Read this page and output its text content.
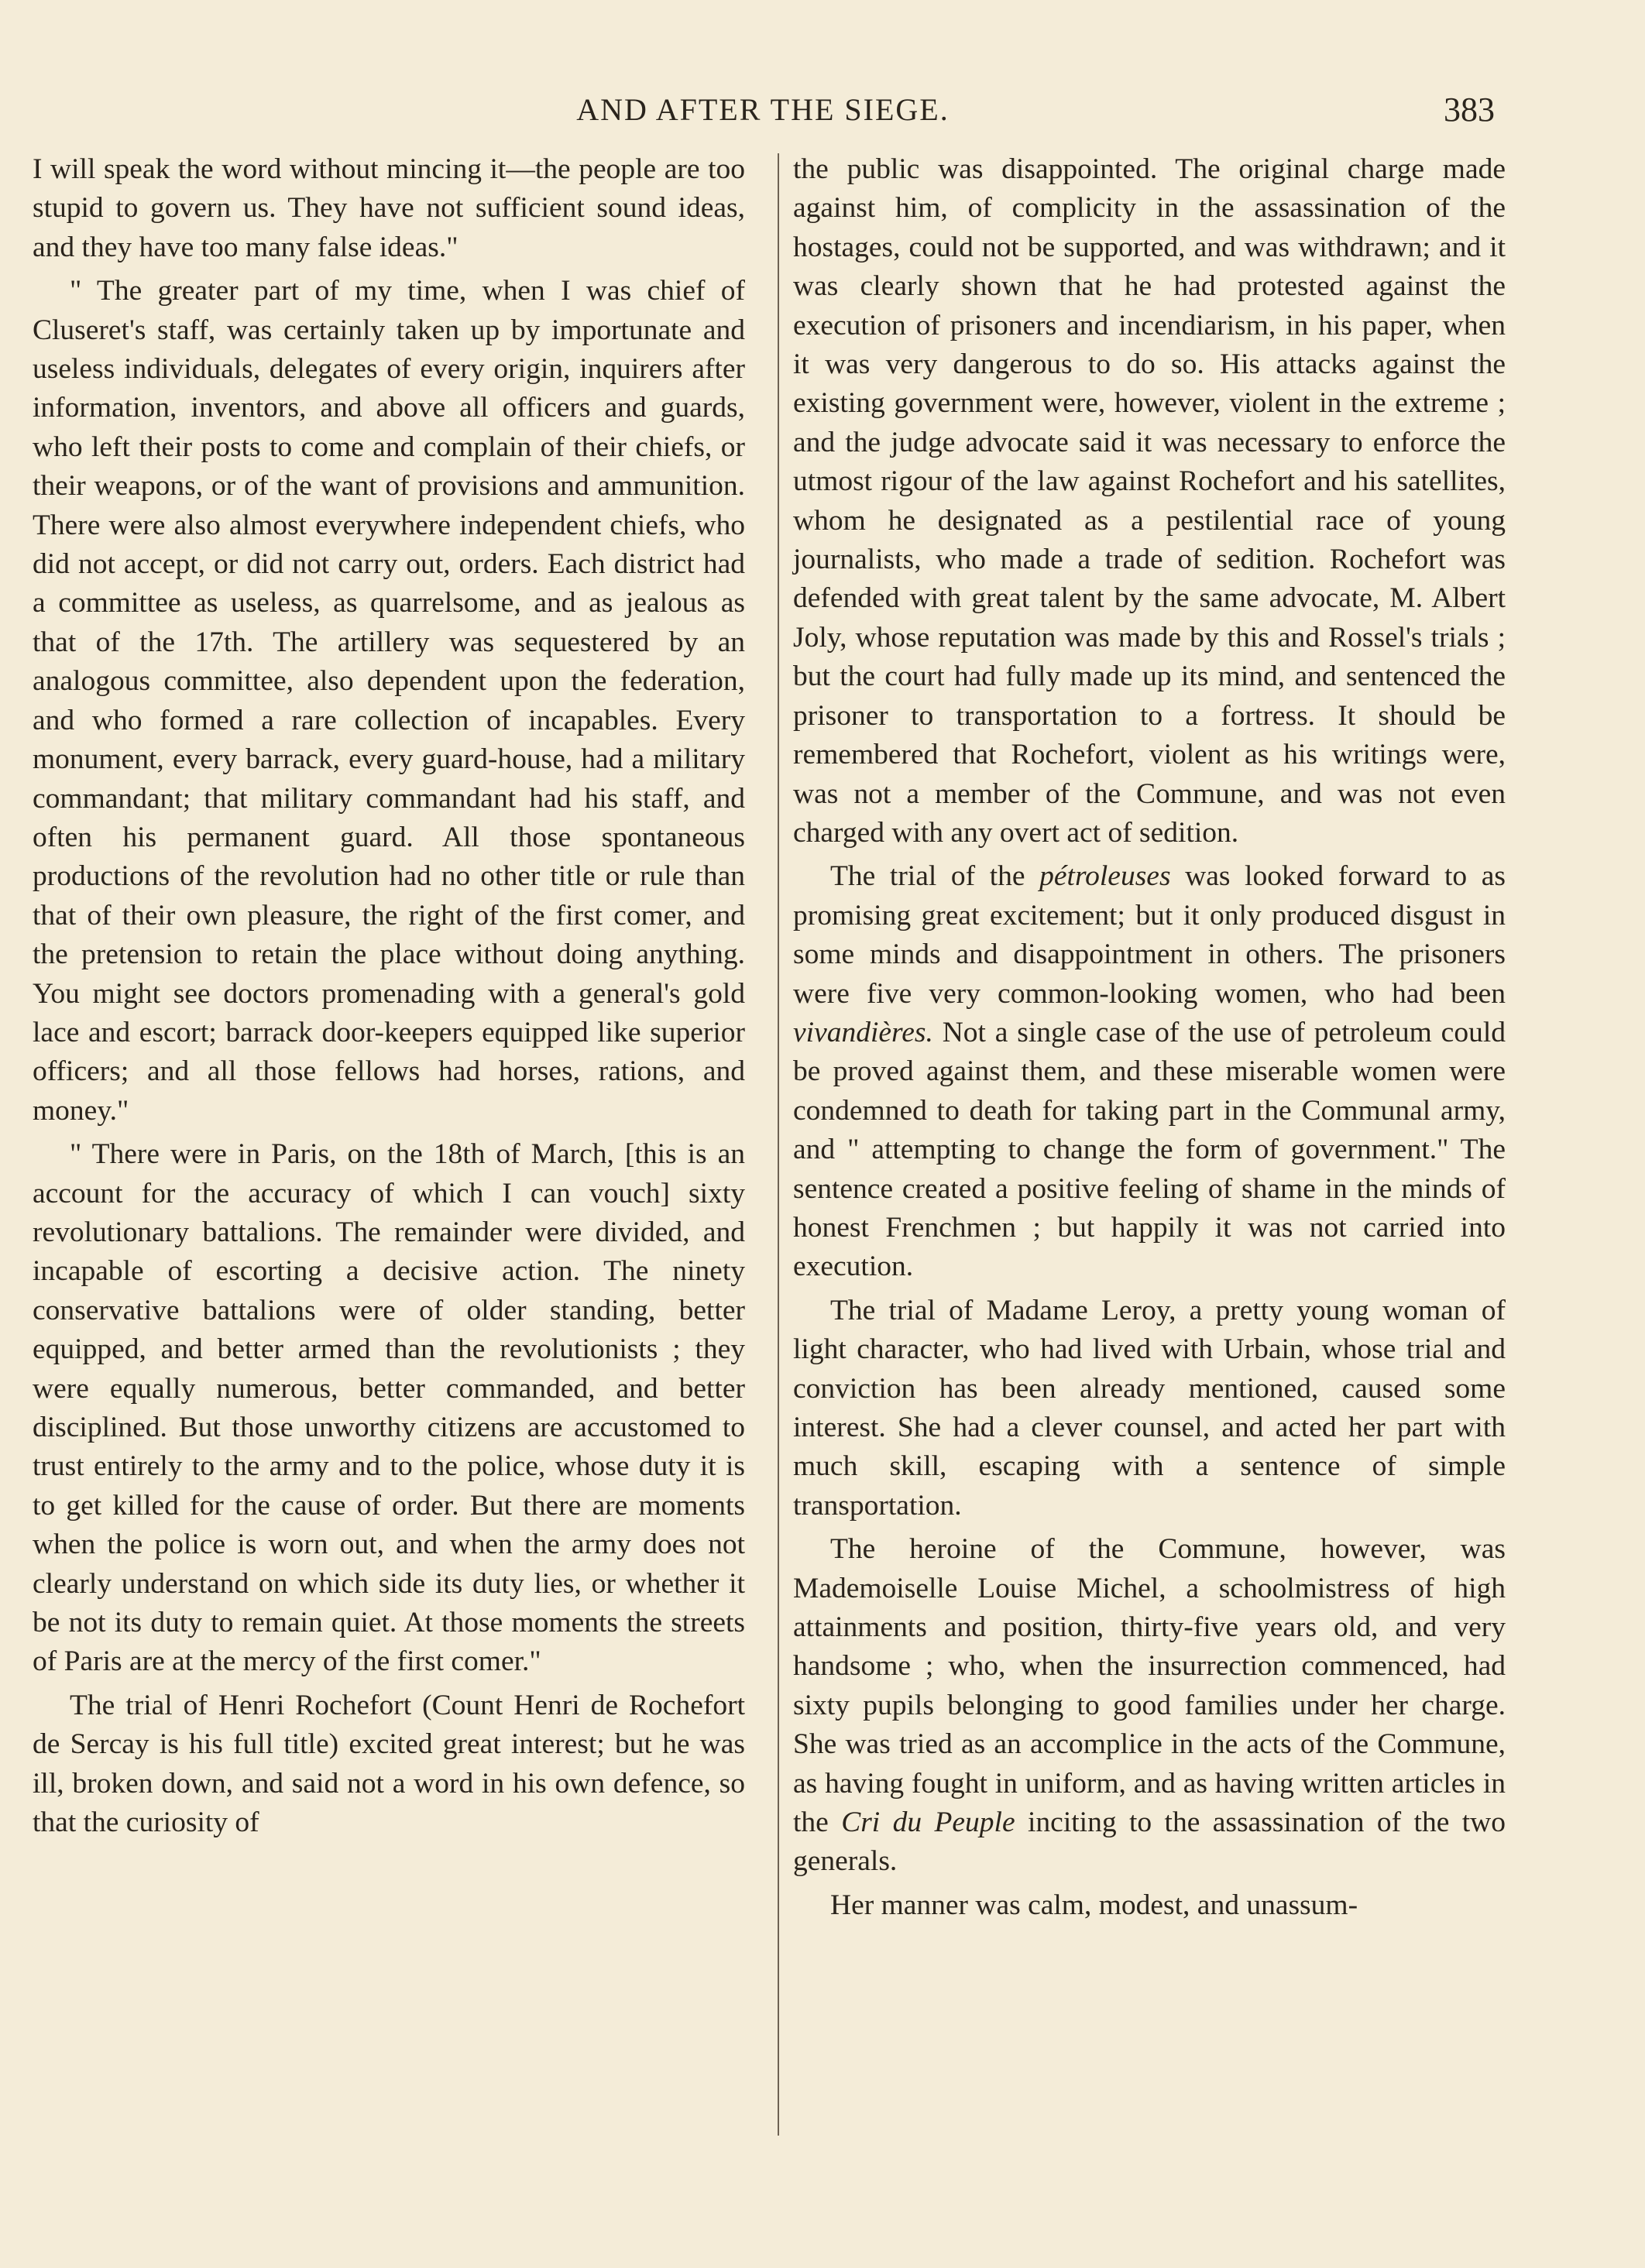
AND AFTER THE SIEGE.	383

I will speak the word without mincing it—the people are too stupid to govern us. They have not sufficient sound ideas, and they have too many false ideas."

" The greater part of my time, when I was chief of Cluseret's staff, was certainly taken up by importunate and useless individuals, delegates of every origin, inquirers after information, inventors, and above all officers and guards, who left their posts to come and complain of their chiefs, or their weapons, or of the want of provisions and ammunition. There were also almost everywhere independent chiefs, who did not accept, or did not carry out, orders. Each district had a committee as useless, as quarrelsome, and as jealous as that of the 17th. The artillery was sequestered by an analogous committee, also dependent upon the federation, and who formed a rare collection of incapables. Every monument, every barrack, every guard-house, had a military commandant; that military commandant had his staff, and often his permanent guard. All those spontaneous productions of the revolution had no other title or rule than that of their own pleasure, the right of the first comer, and the pretension to retain the place without doing anything. You might see doctors promenading with a general's gold lace and escort; barrack door-keepers equipped like superior officers; and all those fellows had horses, rations, and money."

" There were in Paris, on the 18th of March, [this is an account for the accuracy of which I can vouch] sixty revolutionary battalions. The remainder were divided, and incapable of escorting a decisive action. The ninety conservative battalions were of older standing, better equipped, and better armed than the revolutionists ; they were equally numerous, better commanded, and better disciplined. But those unworthy citizens are accustomed to trust entirely to the army and to the police, whose duty it is to get killed for the cause of order. But there are moments when the police is worn out, and when the army does not clearly understand on which side its duty lies, or whether it be not its duty to remain quiet. At those moments the streets of Paris are at the mercy of the first comer."

The trial of Henri Rochefort (Count Henri de Rochefort de Sercay is his full title) excited great interest; but he was ill, broken down, and said not a word in his own defence, so that the curiosity of

the public was disappointed. The original charge made against him, of complicity in the assassination of the hostages, could not be supported, and was withdrawn; and it was clearly shown that he had protested against the execution of prisoners and incendiarism, in his paper, when it was very dangerous to do so. His attacks against the existing government were, however, violent in the extreme ; and the judge advocate said it was necessary to enforce the utmost rigour of the law against Rochefort and his satellites, whom he designated as a pestilential race of young journalists, who made a trade of sedition. Rochefort was defended with great talent by the same advocate, M. Albert Joly, whose reputation was made by this and Rossel's trials ; but the court had fully made up its mind, and sentenced the prisoner to transportation to a fortress. It should be remembered that Rochefort, violent as his writings were, was not a member of the Commune, and was not even charged with any overt act of sedition.

The trial of the pétroleuses was looked forward to as promising great excitement; but it only produced disgust in some minds and disappointment in others. The prisoners were five very common-looking women, who had been vivandières. Not a single case of the use of petroleum could be proved against them, and these miserable women were condemned to death for taking part in the Communal army, and " attempting to change the form of government." The sentence created a positive feeling of shame in the minds of honest Frenchmen ; but happily it was not carried into execution.

The trial of Madame Leroy, a pretty young woman of light character, who had lived with Urbain, whose trial and conviction has been already mentioned, caused some interest. She had a clever counsel, and acted her part with much skill, escaping with a sentence of simple transportation.

The heroine of the Commune, however, was Mademoiselle Louise Michel, a schoolmistress of high attainments and position, thirty-five years old, and very handsome ; who, when the insurrection commenced, had sixty pupils belonging to good families under her charge. She was tried as an accomplice in the acts of the Commune, as having fought in uniform, and as having written articles in the Cri du Peuple inciting to the assassination of the two generals.

Her manner was calm, modest, and unassum-
